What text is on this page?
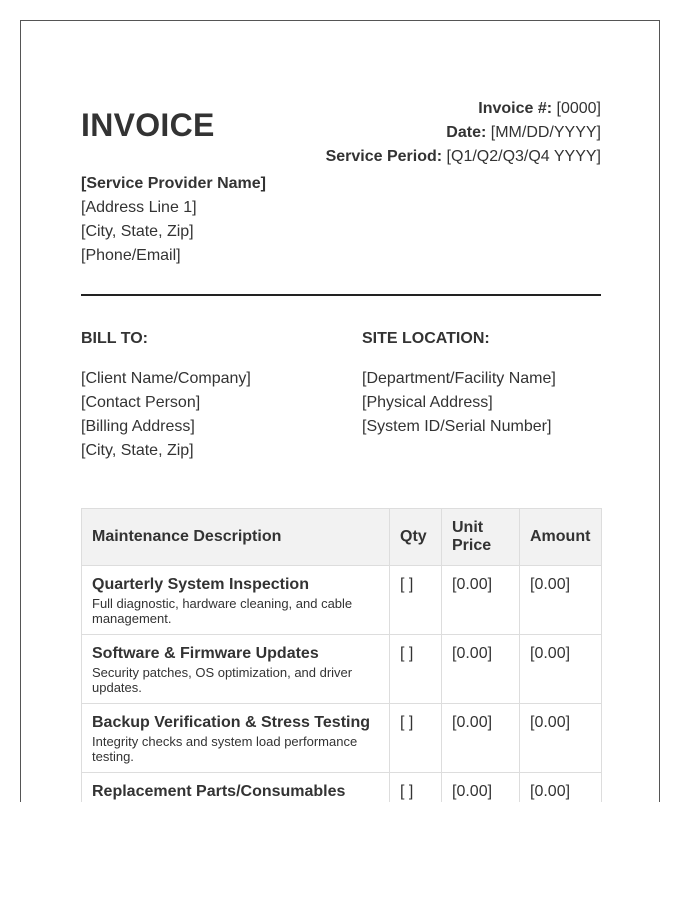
INVOICE	Invoice #: [0000]
Date: [MM/DD/YYYY]
Service Period: [Q1/Q2/Q3/Q4 YYYY]
[Service Provider Name]
[Address Line 1]
[City, State, Zip]
[Phone/Email]
BILL TO:
[Client Name/Company]
[Contact Person]
[Billing Address]
[City, State, Zip]
SITE LOCATION:
[Department/Facility Name]
[Physical Address]
[System ID/Serial Number]
Maintenance Description	Qty	Unit Price	Amount

Quarterly System Inspection
Full diagnostic, hardware cleaning, and cable management.	[ ]	[0.00]	[0.00]

Software & Firmware Updates
Security patches, OS optimization, and driver updates.	[ ]	[0.00]	[0.00]

Backup Verification & Stress Testing
Integrity checks and system load performance testing.	[ ]	[0.00]	[0.00]

Replacement Parts/Consumables	[ ]	[0.00]	[0.00]
